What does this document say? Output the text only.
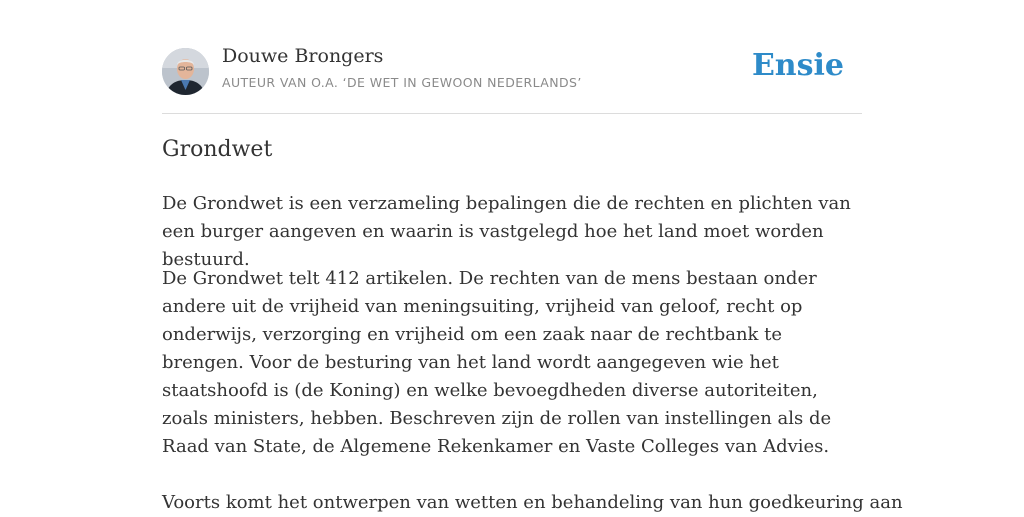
Douwe Brongers
AUTEUR VAN O.A. ‘DE WET IN GEWOON NEDERLANDS’	Ensie
Grondwet

De Grondwet is een verzameling bepalingen die de rechten en plichten van een burger aangeven en waarin is vastgelegd hoe het land moet worden bestuurd.

De Grondwet telt 412 artikelen. De rechten van de mens bestaan onder andere uit de vrijheid van meningsuiting, vrijheid van geloof, recht op onderwijs, verzorging en vrijheid om een zaak naar de rechtbank te brengen. Voor de besturing van het land wordt aangegeven wie het staatshoofd is (de Koning) en welke bevoegdheden diverse autoriteiten, zoals ministers, hebben. Beschreven zijn de rollen van instellingen als de Raad van State, de Algemene Rekenkamer en Vaste Colleges van Advies.

Voorts komt het ontwerpen van wetten en behandeling van hun goedkeuring aan
